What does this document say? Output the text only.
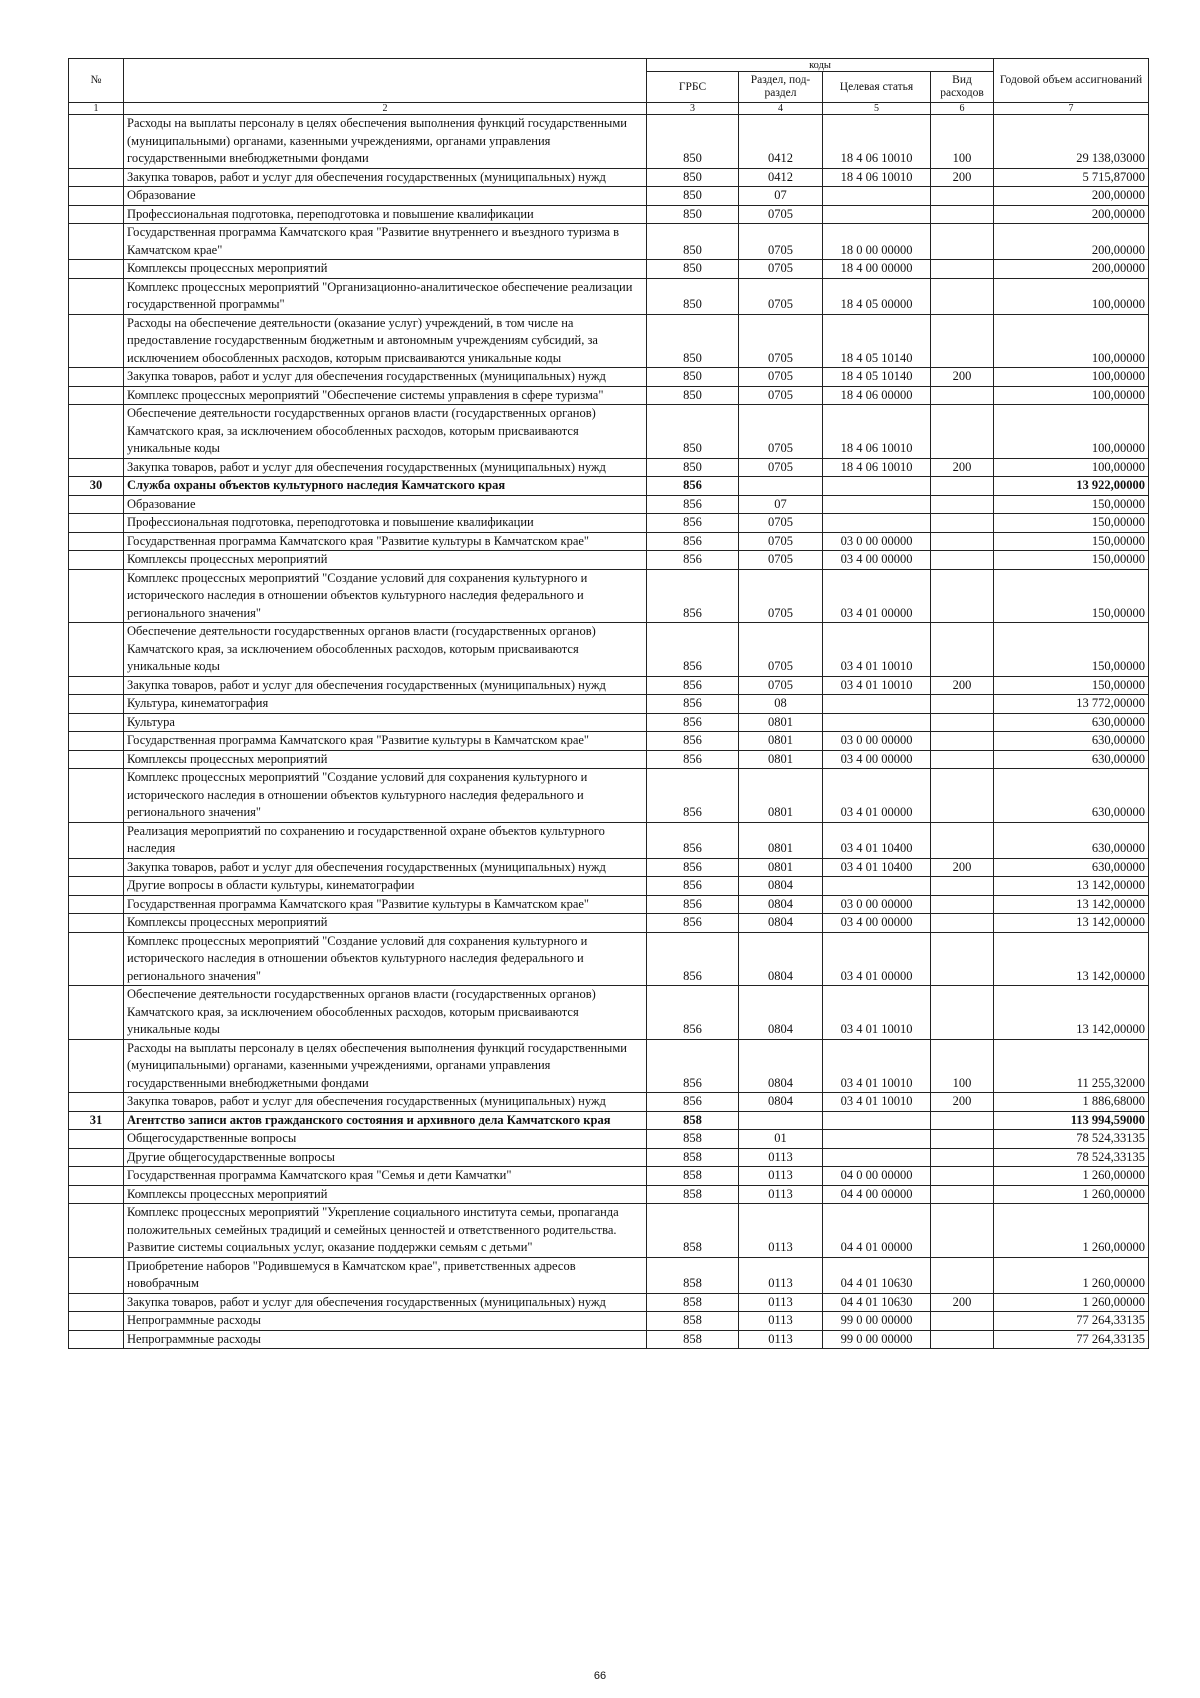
№		коды				Годовой объем ассигнований
		ГРБС	Раздел, под-раздел	Целевая статья	Вид расходов	
1	2	3	4	5	6	7
	Расходы на выплаты персоналу в целях обеспечения выполнения функций государственными (муниципальными) органами, казенными учреждениями, органами управления государственными внебюджетными фондами	850	0412	18 4 06 10010	100	29 138,03000
	Закупка товаров, работ и услуг для обеспечения государственных (муниципальных) нужд	850	0412	18 4 06 10010	200	5 715,87000
	Образование	850	07			200,00000
	Профессиональная подготовка, переподготовка и повышение квалификации	850	0705			200,00000
	Государственная программа Камчатского края "Развитие внутреннего и въездного туризма в Камчатском крае"	850	0705	18 0 00 00000		200,00000
	Комплексы процессных мероприятий	850	0705	18 4 00 00000		200,00000
	Комплекс процессных мероприятий "Организационно-аналитическое обеспечение реализации государственной программы"	850	0705	18 4 05 00000		100,00000
	Расходы на обеспечение деятельности (оказание услуг) учреждений, в том числе на предоставление государственным бюджетным и автономным учреждениям субсидий, за исключением обособленных расходов, которым присваиваются уникальные коды	850	0705	18 4 05 10140		100,00000
	Закупка товаров, работ и услуг для обеспечения государственных (муниципальных) нужд	850	0705	18 4 05 10140	200	100,00000
	Комплекс процессных мероприятий "Обеспечение системы управления в сфере туризма"	850	0705	18 4 06 00000		100,00000
	Обеспечение деятельности государственных органов власти (государственных органов) Камчатского края, за исключением обособленных расходов, которым присваиваются уникальные коды	850	0705	18 4 06 10010		100,00000
	Закупка товаров, работ и услуг для обеспечения государственных (муниципальных) нужд	850	0705	18 4 06 10010	200	100,00000
30	Служба охраны объектов культурного наследия Камчатского края	856				13 922,00000
	Образование	856	07			150,00000
	Профессиональная подготовка, переподготовка и повышение квалификации	856	0705			150,00000
	Государственная программа Камчатского края "Развитие культуры в Камчатском крае"	856	0705	03 0 00 00000		150,00000
	Комплексы процессных мероприятий	856	0705	03 4 00 00000		150,00000
	Комплекс процессных мероприятий "Создание условий для сохранения культурного и исторического наследия в отношении объектов культурного наследия федерального и регионального значения"	856	0705	03 4 01 00000		150,00000
	Обеспечение деятельности государственных органов власти (государственных органов) Камчатского края, за исключением обособленных расходов, которым присваиваются уникальные коды	856	0705	03 4 01 10010		150,00000
	Закупка товаров, работ и услуг для обеспечения государственных (муниципальных) нужд	856	0705	03 4 01 10010	200	150,00000
	Культура, кинематография	856	08			13 772,00000
	Культура	856	0801			630,00000
	Государственная программа Камчатского края "Развитие культуры в Камчатском крае"	856	0801	03 0 00 00000		630,00000
	Комплексы процессных мероприятий	856	0801	03 4 00 00000		630,00000
	Комплекс процессных мероприятий "Создание условий для сохранения культурного и исторического наследия в отношении объектов культурного наследия федерального и регионального значения"	856	0801	03 4 01 00000		630,00000
	Реализация мероприятий по сохранению и государственной охране объектов культурного наследия	856	0801	03 4 01 10400		630,00000
	Закупка товаров, работ и услуг для обеспечения государственных (муниципальных) нужд	856	0801	03 4 01 10400	200	630,00000
	Другие вопросы в области культуры, кинематографии	856	0804			13 142,00000
	Государственная программа Камчатского края "Развитие культуры в Камчатском крае"	856	0804	03 0 00 00000		13 142,00000
	Комплексы процессных мероприятий	856	0804	03 4 00 00000		13 142,00000
	Комплекс процессных мероприятий "Создание условий для сохранения культурного и исторического наследия в отношении объектов культурного наследия федерального и регионального значения"	856	0804	03 4 01 00000		13 142,00000
	Обеспечение деятельности государственных органов власти (государственных органов) Камчатского края, за исключением обособленных расходов, которым присваиваются уникальные коды	856	0804	03 4 01 10010		13 142,00000
	Расходы на выплаты персоналу в целях обеспечения выполнения функций государственными (муниципальными) органами, казенными учреждениями, органами управления государственными внебюджетными фондами	856	0804	03 4 01 10010	100	11 255,32000
	Закупка товаров, работ и услуг для обеспечения государственных (муниципальных) нужд	856	0804	03 4 01 10010	200	1 886,68000
31	Агентство записи актов гражданского состояния и архивного дела Камчатского края	858				113 994,59000
	Общегосударственные вопросы	858	01			78 524,33135
	Другие общегосударственные вопросы	858	0113			78 524,33135
	Государственная программа Камчатского края "Семья и дети Камчатки"	858	0113	04 0 00 00000		1 260,00000
	Комплексы процессных мероприятий	858	0113	04 4 00 00000		1 260,00000
	Комплекс процессных мероприятий "Укрепление социального института семьи, пропаганда положительных семейных традиций и семейных ценностей и ответственного родительства. Развитие системы социальных услуг, оказание поддержки семьям с детьми"	858	0113	04 4 01 00000		1 260,00000
	Приобретение наборов "Родившемуся в Камчатском крае", приветственных адресов новобрачным	858	0113	04 4 01 10630		1 260,00000
	Закупка товаров, работ и услуг для обеспечения государственных (муниципальных) нужд	858	0113	04 4 01 10630	200	1 260,00000
	Непрограммные расходы	858	0113	99 0 00 00000		77 264,33135
	Непрограммные расходы	858	0113	99 0 00 00000		77 264,33135
66
